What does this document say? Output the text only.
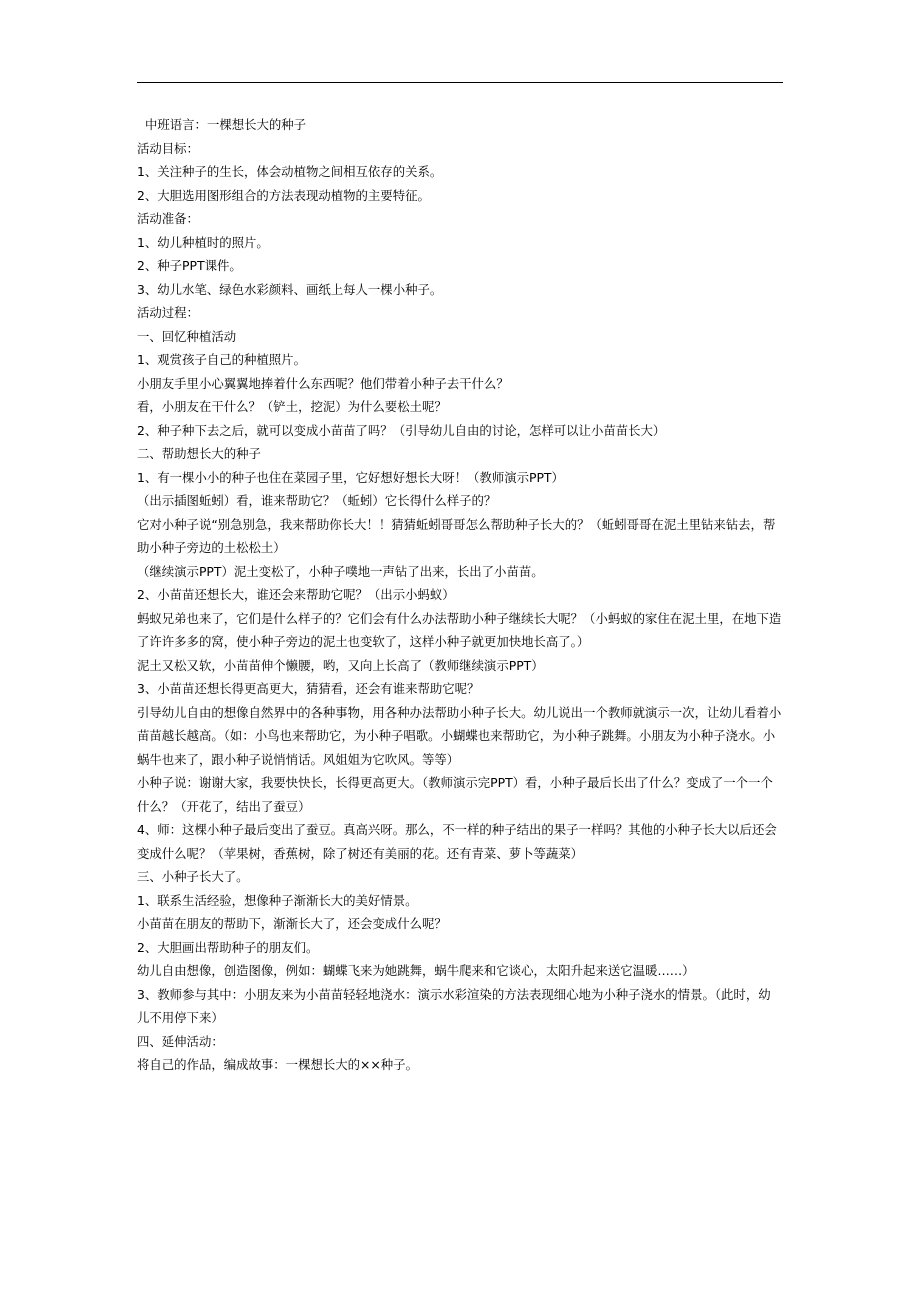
中班语言：一棵想长大的种子
活动目标：
1、关注种子的生长，体会动植物之间相互依存的关系。
2、大胆选用图形组合的方法表现动植物的主要特征。
活动准备：
1、幼儿种植时的照片。
2、种子PPT课件。
3、幼儿水笔、绿色水彩颜料、画纸上每人一棵小种子。
活动过程：
一、回忆种植活动
1、观赏孩子自己的种植照片。
小朋友手里小心翼翼地捧着什么东西呢？他们带着小种子去干什么？
看，小朋友在干什么？（铲土，挖泥）为什么要松土呢？
2、种子种下去之后，就可以变成小苗苗了吗？（引导幼儿自由的讨论，怎样可以让小苗苗长大）
二、帮助想长大的种子
1、有一棵小小的种子也住在菜园子里，它好想好想长大呀！（教师演示PPT）
（出示插图蚯蚓）看，谁来帮助它？（蚯蚓）它长得什么样子的？
它对小种子说“别急别急，我来帮助你长大！！猜猜蚯蚓哥哥怎么帮助种子长大的？（蚯蚓哥哥在泥土里钻来钻去，帮
助小种子旁边的土松松土）
（继续演示PPT）泥土变松了，小种子噗地一声钻了出来，长出了小苗苗。
2、小苗苗还想长大，谁还会来帮助它呢？（出示小蚂蚁）
蚂蚁兄弟也来了，它们是什么样子的？它们会有什么办法帮助小种子继续长大呢？（小蚂蚁的家住在泥土里，在地下造
了许许多多的窝，使小种子旁边的泥土也变软了，这样小种子就更加快地长高了。）
泥土又松又软，小苗苗伸个懒腰，哟，又向上长高了（教师继续演示PPT）
3、小苗苗还想长得更高更大，猜猜看，还会有谁来帮助它呢？
引导幼儿自由的想像自然界中的各种事物，用各种办法帮助小种子长大。幼儿说出一个教师就演示一次，让幼儿看着小
苗苗越长越高。（如：小鸟也来帮助它，为小种子唱歌。小蝴蝶也来帮助它，为小种子跳舞。小朋友为小种子浇水。小
蜗牛也来了，跟小种子说悄悄话。风姐姐为它吹风。等等）
小种子说：谢谢大家，我要快快长，长得更高更大。（教师演示完PPT）看，小种子最后长出了什么？变成了一个一个
什么？（开花了，结出了蚕豆）
4、师：这棵小种子最后变出了蚕豆。真高兴呀。那么，不一样的种子结出的果子一样吗？其他的小种子长大以后还会
变成什么呢？（苹果树，香蕉树，除了树还有美丽的花。还有青菜、萝卜等蔬菜）
三、小种子长大了。
1、联系生活经验，想像种子渐渐长大的美好情景。
小苗苗在朋友的帮助下，渐渐长大了，还会变成什么呢？
2、大胆画出帮助种子的朋友们。
幼儿自由想像，创造图像，例如：蝴蝶飞来为她跳舞，蜗牛爬来和它谈心，太阳升起来送它温暖……）
3、教师参与其中：小朋友来为小苗苗轻轻地浇水：演示水彩渲染的方法表现细心地为小种子浇水的情景。（此时，幼
儿不用停下来）
四、延伸活动：
将自己的作品，编成故事：一棵想长大的××种子。
